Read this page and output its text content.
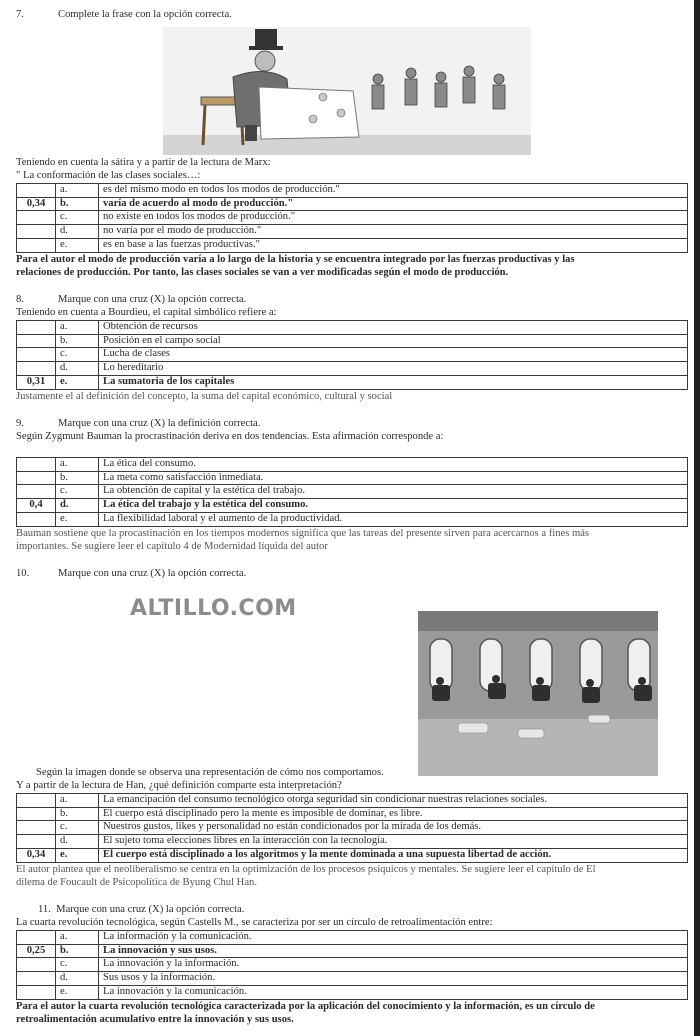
7.	Complete la frase con la opción correcta.
Teniendo en cuenta la sátira y a partir de la lectura de Marx:
" La conformación de las clases sociales…:
	a.	es del mismo modo en todos los modos de producción."
0,34	b.	varía de acuerdo al modo de producción."
	c.	no existe en todos los modos de producción."
	d.	no varía por el modo de producción."
	e.	es en base a las fuerzas productivas."
Para el autor el modo de producción varía a lo largo de la historia y se encuentra integrado por las fuerzas productivas y las
relaciones de producción. Por tanto, las clases sociales se van a ver modificadas según el modo de producción.
8.	Marque con una cruz (X) la opción correcta.
Teniendo en cuenta a Bourdieu, el capital simbólico refiere a:
	a.	Obtención de recursos
	b.	Posición en el campo social
	c.	Lucha de clases
	d.	Lo hereditario
0,31	e.	La sumatoria de los capitales
Justamente el al definición del concepto, la suma del capital económico, cultural y social
9.	Marque con una cruz (X) la definición correcta.
Según Zygmunt Bauman la procrastinación deriva en dos tendencias. Esta afirmación corresponde a:
	a.	La ética del consumo.
	b.	La meta como satisfacción inmediata.
	c.	La obtención de capital y la estética del trabajo.
0,4	d.	La ética del trabajo y la estética del consumo.
	e.	La flexibilidad laboral y el aumento de la productividad.
Bauman sostiene que la procastinación en los tiempos modernos significa que las tareas del presente sirven para acercarnos a fines más
importantes. Se sugiere leer el capítulo 4 de Modernidad líquida del autor
10.	Marque con una cruz (X) la opción correcta.
ALTILLO.COM
Según la imagen donde se observa una representación de cómo nos comportamos.
Y a partir de la lectura de Han, ¿qué definición comparte esta interpretación?
	a.	La emancipación del consumo tecnológico otorga seguridad sin condicionar nuestras relaciones sociales.
	b.	El cuerpo está disciplinado pero la mente es imposible de dominar, es libre.
	c.	Nuestros gustos, likes y personalidad no están condicionados por la mirada de los demás.
	d.	El sujeto toma elecciones libres en la interacción con la tecnología.
0,34	e.	El cuerpo está disciplinado a los algoritmos y la mente dominada a una supuesta libertad de acción.
El autor plantea que el neoliberalismo se centra en la optimización de los procesos psíquicos y mentales. Se sugiere leer el capítulo de El
dilema de Foucault de Psicopolítica de Byung Chul Han.
11. Marque con una cruz (X) la opción correcta.
La cuarta revolución tecnológica, según Castells M., se caracteriza por ser un círculo de retroalimentación entre:
	a.	La información y la comunicación.
0,25	b.	La innovación y sus usos.
	c.	La innovación y la información.
	d.	Sus usos y la información.
	e.	La innovación y la comunicación.
Para el autor la cuarta revolución tecnológica caracterizada por la aplicación del conocimiento y la información, es un círculo de
retroalimentación acumulativo entre la innovación y sus usos.
